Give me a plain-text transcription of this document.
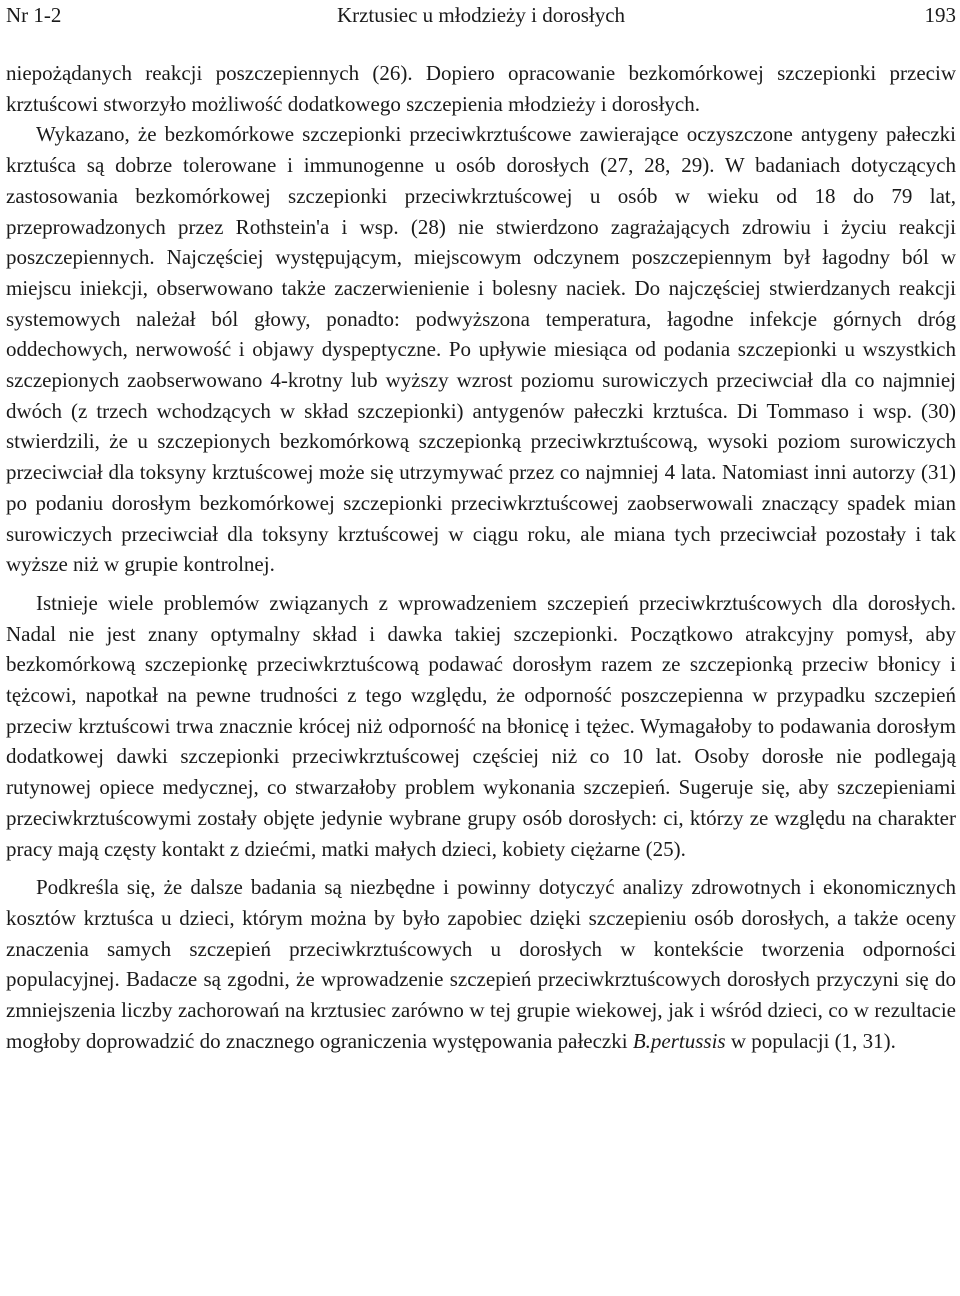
Krztusiec u młodzieży i dorosłych
Nr 1-2	193

niepożądanych reakcji poszczepiennych (26). Dopiero opracowanie bezkomórkowej szczepionki przeciw krztuścowi stworzyło możliwość dodatkowego szczepienia młodzieży i dorosłych.

Wykazano, że bezkomórkowe szczepionki przeciwkrztuścowe zawierające oczyszczone antygeny pałeczki krztuśca są dobrze tolerowane i immunogenne u osób dorosłych (27, 28, 29). W badaniach dotyczących zastosowania bezkomórkowej szczepionki przeciwkrztuścowej u osób w wieku od 18 do 79 lat, przeprowadzonych przez Rothstein'a i wsp. (28) nie stwierdzono zagrażających zdrowiu i życiu reakcji poszczepiennych. Najczęściej występującym, miejscowym odczynem poszczepiennym był łagodny ból w miejscu iniekcji, obserwowano także zaczerwienienie i bolesny naciek. Do najczęściej stwierdzanych reakcji systemowych należał ból głowy, ponadto: podwyższona temperatura, łagodne infekcje górnych dróg oddechowych, nerwowość i objawy dyspeptyczne. Po upływie miesiąca od podania szczepionki u wszystkich szczepionych zaobserwowano 4-krotny lub wyższy wzrost poziomu surowiczych przeciwciał dla co najmniej dwóch (z trzech wchodzących w skład szczepionki) antygenów pałeczki krztuśca. Di Tommaso i wsp. (30) stwierdzili, że u szczepionych bezkomórkową szczepionką przeciwkrztuścową, wysoki poziom surowiczych przeciwciał dla toksyny krztuścowej może się utrzymywać przez co najmniej 4 lata. Natomiast inni autorzy (31) po podaniu dorosłym bezkomórkowej szczepionki przeciwkrztuścowej zaobserwowali znaczący spadek mian surowiczych przeciwciał dla toksyny krztuścowej w ciągu roku, ale miana tych przeciwciał pozostały i tak wyższe niż w grupie kontrolnej.

Istnieje wiele problemów związanych z wprowadzeniem szczepień przeciwkrztuścowych dla dorosłych. Nadal nie jest znany optymalny skład i dawka takiej szczepionki. Początkowo atrakcyjny pomysł, aby bezkomórkową szczepionkę przeciwkrztuścową podawać dorosłym razem ze szczepionką przeciw błonicy i tężcowi, napotkał na pewne trudności z tego względu, że odporność poszczepienna w przypadku szczepień przeciw krztuścowi trwa znacznie krócej niż odporność na błonicę i tężec. Wymagałoby to podawania dorosłym dodatkowej dawki szczepionki przeciwkrztuścowej częściej niż co 10 lat. Osoby dorosłe nie podlegają rutynowej opiece medycznej, co stwarzałoby problem wykonania szczepień. Sugeruje się, aby szczepieniami przeciwkrztuścowymi zostały objęte jedynie wybrane grupy osób dorosłych: ci, którzy ze względu na charakter pracy mają częsty kontakt z dziećmi, matki małych dzieci, kobiety ciężarne (25).

Podkreśla się, że dalsze badania są niezbędne i powinny dotyczyć analizy zdrowotnych i ekonomicznych kosztów krztuśca u dzieci, którym można by było zapobiec dzięki szczepieniu osób dorosłych, a także oceny znaczenia samych szczepień przeciwkrztuścowych u dorosłych w kontekście tworzenia odporności populacyjnej. Badacze są zgodni, że wprowadzenie szczepień przeciwkrztuścowych dorosłych przyczyni się do zmniejszenia liczby zachorowań na krztusiec zarówno w tej grupie wiekowej, jak i wśród dzieci, co w rezultacie mogłoby doprowadzić do znacznego ograniczenia występowania pałeczki B.pertussis w populacji (1, 31).
